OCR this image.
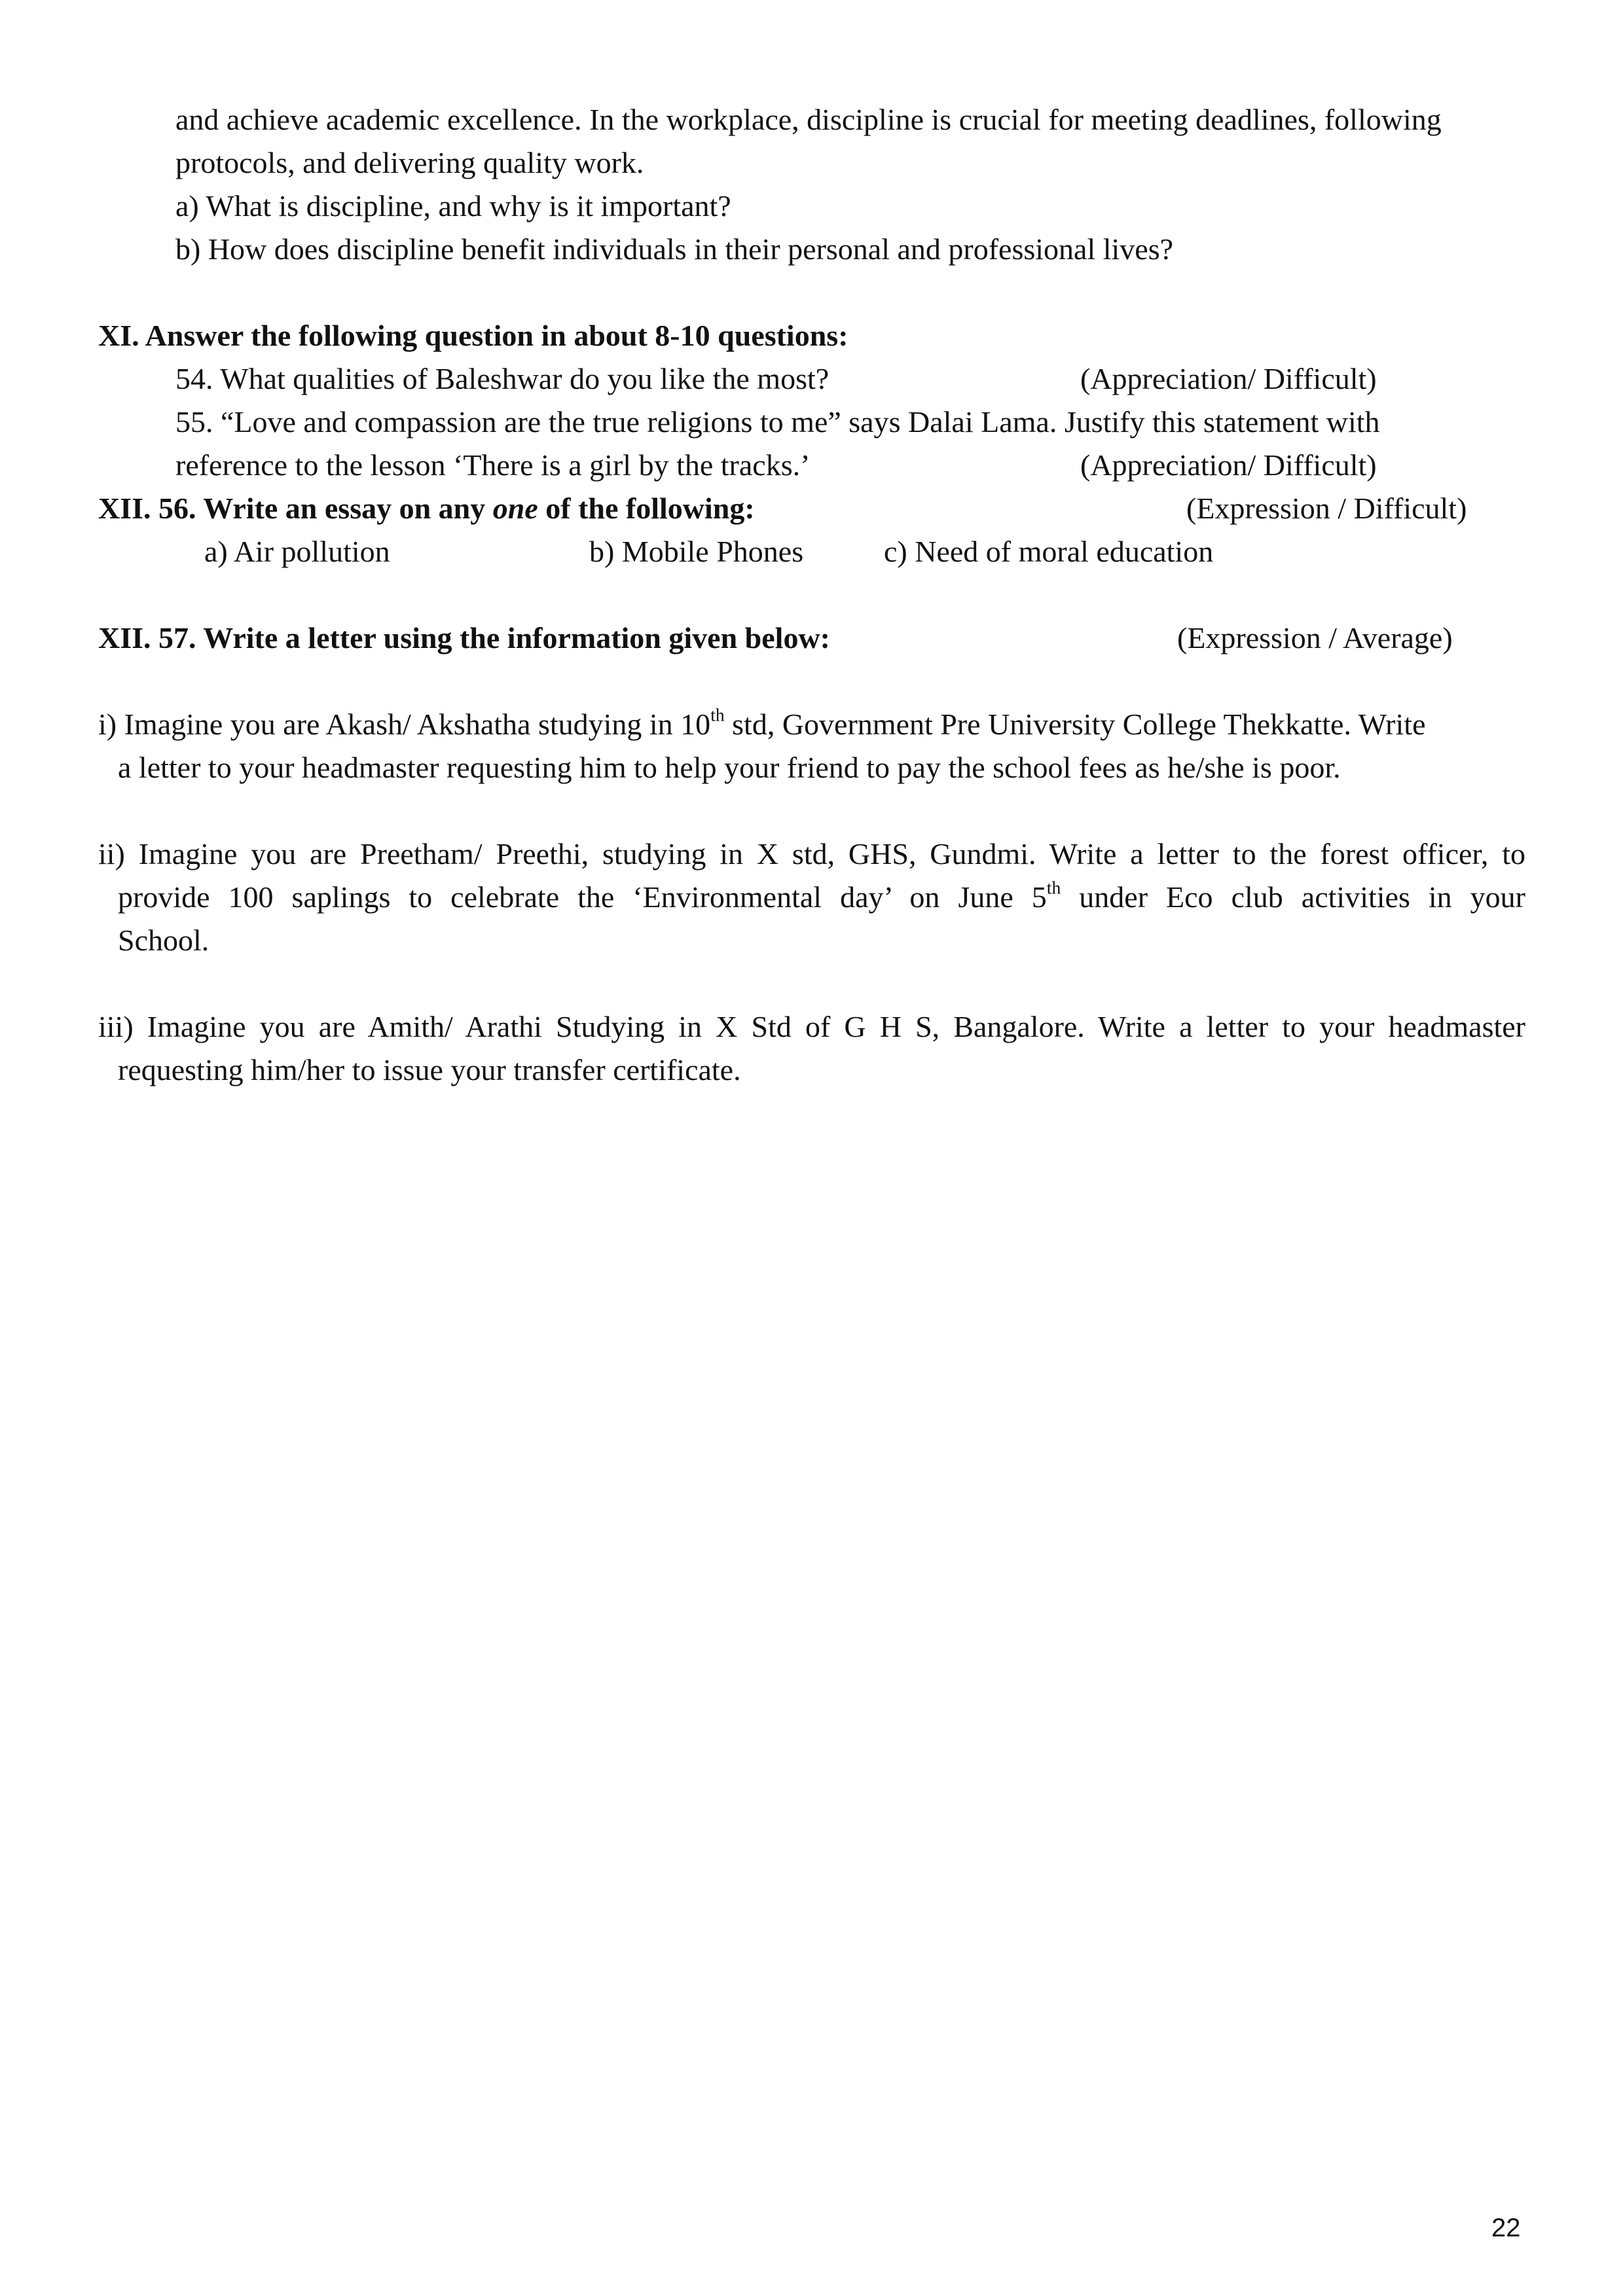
and achieve academic excellence. In the workplace, discipline is crucial for meeting deadlines, following
protocols, and delivering quality work.
a) What is discipline, and why is it important?
b) How does discipline benefit individuals in their personal and professional lives?
XI. Answer the following question in about 8-10 questions:
54. What qualities of Baleshwar do you like the most?	(Appreciation/ Difficult)
55. “Love and compassion are the true religions to me” says Dalai Lama. Justify this statement with
reference to the lesson ‘There is a girl by the tracks.’	(Appreciation/ Difficult)
XII. 56. Write an essay on any one of the following:	(Expression / Difficult)
a) Air pollution	b) Mobile Phones	c) Need of moral education
XII. 57. Write a letter using the information given below:	(Expression / Average)
i) Imagine you are Akash/ Akshatha studying in 10th std, Government Pre University College Thekkatte. Write
a letter to your headmaster requesting him to help your friend to pay the school fees as he/she is poor.
ii) Imagine you are Preetham/ Preethi, studying in X std, GHS, Gundmi. Write a letter to the forest officer, to
provide 100 saplings to celebrate the ‘Environmental day’ on June 5th under Eco club activities in your
School.
iii) Imagine you are Amith/ Arathi Studying in X Std of G H S, Bangalore. Write a letter to your headmaster
requesting him/her to issue your transfer certificate.
22
